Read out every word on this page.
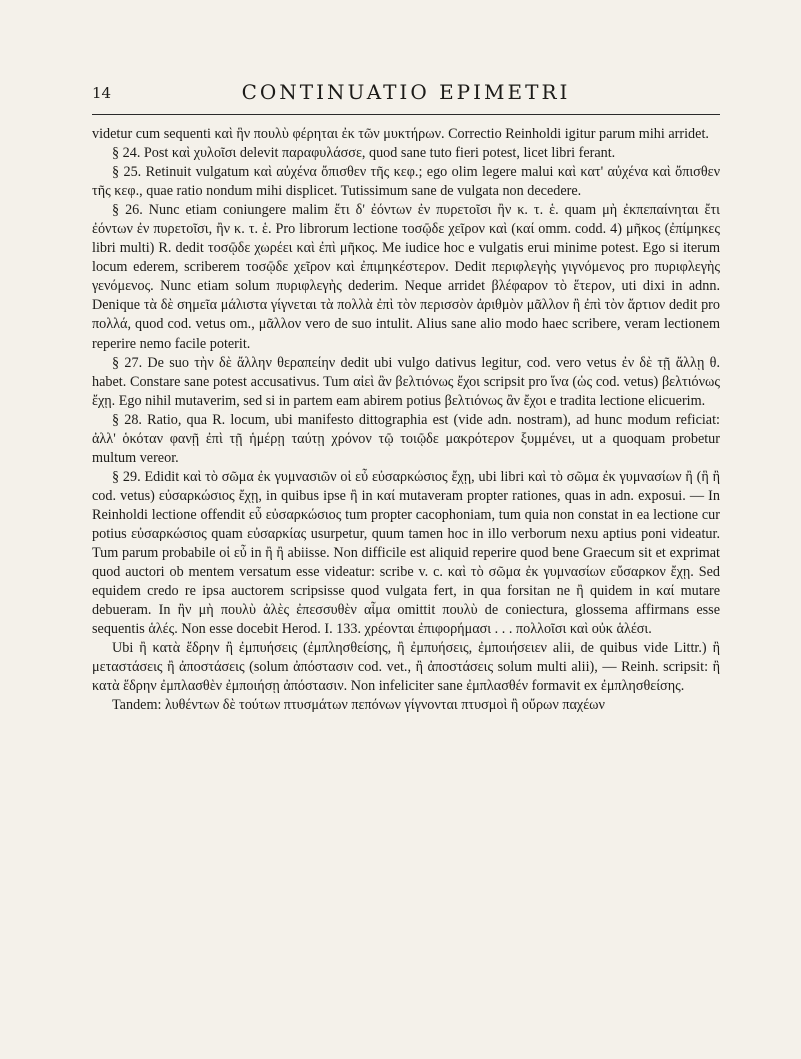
14	CONTINUATIO EPIMETRI

videtur cum sequenti καὶ ἣν πουλὺ φέρηται ἐκ τῶν μυκτήρων. Correctio Reinholdi igitur parum mihi arridet.

§ 24. Post καὶ χυλοῖσι delevit παραφυλάσσε, quod sane tuto fieri potest, licet libri ferant.

§ 25. Retinuit vulgatum καὶ αὐχένα ὄπισθεν τῆς κεφ.; ego olim legere malui καὶ κατ' αὐχένα καὶ ὄπισθεν τῆς κεφ., quae ratio nondum mihi displicet. Tutissimum sane de vulgata non decedere.

§ 26. Nunc etiam coniungere malim ἔτι δ' ἐόντων ἐν πυρετοῖσι ἢν κ. τ. ἑ. quam μὴ ἐκπεπαίνηται ἔτι ἐόντων ἐν πυρετοῖσι, ἢν κ. τ. ἑ. Pro librorum lectione τοσῷδε χεῖρον καὶ (καί omm. codd. 4) μῆκος (ἐπίμηκες libri multi) R. dedit τοσῷδε χωρέει καὶ ἐπὶ μῆκος. Me iudice hoc e vulgatis erui minime potest. Ego si iterum locum ederem, scriberem τοσῷδε χεῖρον καὶ ἐπιμηκέστερον. Dedit περιφλεγὴς γιγνόμενος pro πυριφλεγὴς γενόμενος. Nunc etiam solum πυριφλεγὴς dederim. Neque arridet βλέφαρον τὸ ἕτερον, uti dixi in adnn. Denique τὰ δὲ σημεῖα μάλιστα γίγνεται τὰ πολλὰ ἐπὶ τὸν περισσὸν ἀριθμὸν μᾶλλον ἢ ἐπὶ τὸν ἄρτιον dedit pro πολλά, quod cod. vetus om., μᾶλλον vero de suo intulit. Alius sane alio modo haec scribere, veram lectionem reperire nemo facile poterit.

§ 27. De suo τὴν δὲ ἄλλην θεραπείην dedit ubi vulgo dativus legitur, cod. vero vetus ἐν δὲ τῇ ἄλλῃ θ. habet. Constare sane potest accusativus. Tum αἰεὶ ἂν βελτιόνως ἔχοι scripsit pro ἵνα (ὡς cod. vetus) βελτιόνως ἔχῃ. Ego nihil mutaverim, sed si in partem eam abirem potius βελτιόνως ἂν ἔχοι e tradita lectione elicuerim.

§ 28. Ratio, qua R. locum, ubi manifesto dittographia est (vide adn. nostram), ad hunc modum reficiat: ἀλλ' ὁκόταν φανῇ ἐπὶ τῇ ἡμέρῃ ταύτῃ χρόνον τῷ τοιῷδε μακρότερον ξυμμένει, ut a quoquam probetur multum vereor.

§ 29. Edidit καὶ τὸ σῶμα ἐκ γυμνασιῶν οἱ εὖ εὐσαρκώσιος ἔχῃ, ubi libri καὶ τὸ σῶμα ἐκ γυμνασίων ἢ (ἣ ἢ cod. vetus) εὐσαρκώσιος ἔχῃ, in quibus ipse ἢ in καί mutaveram propter rationes, quas in adn. exposui. — In Reinholdi lectione offendit εὖ εὐσαρκώσιος tum propter cacophoniam, tum quia non constat in ea lectione cur potius εὐσαρκώσιος quam εὐσαρκίας usurpetur, quum tamen hoc in illo verborum nexu aptius poni videatur. Tum parum probabile οἱ εὖ in ἢ ἢ abiisse. Non difficile est aliquid reperire quod bene Graecum sit et exprimat quod auctori ob mentem versatum esse videatur: scribe v. c. καὶ τὸ σῶμα ἐκ γυμνασίων εὔσαρκον ἔχῃ. Sed equidem credo re ipsa auctorem scripsisse quod vulgata fert, in qua forsitan ne ἢ quidem in καί mutare debueram. In ἢν μὴ πουλὺ ἀλὲς ἐπεσσυθὲν αἷμα omittit πουλὺ de coniectura, glossema affirmans esse sequentis ἁλές. Non esse docebit Herod. I. 133. χρέονται ἐπιφορήμασι . . . πολλοῖσι καὶ οὐκ ἁλέσι.

Ubi ἢ κατὰ ἕδρην ἢ ἐμπυήσεις (ἐμπλησθείσης, ἢ ἐμπυήσεις, ἐμποιήσειεν alii, de quibus vide Littr.) ἢ μεταστάσεις ἢ ἀποστάσεις (solum ἀπόστασιν cod. vet., ἢ ἀποστάσεις solum multi alii), — Reinh. scripsit: ἢ κατὰ ἕδρην ἐμπλασθὲν ἐμποιήσῃ ἀπόστασιν. Non infeliciter sane ἐμπλασθέν formavit ex ἐμπλησθείσης.

Tandem: λυθέντων δὲ τούτων πτυσμάτων πεπόνων γίγνονται πτυσμοὶ ἢ οὔρων παχέων
